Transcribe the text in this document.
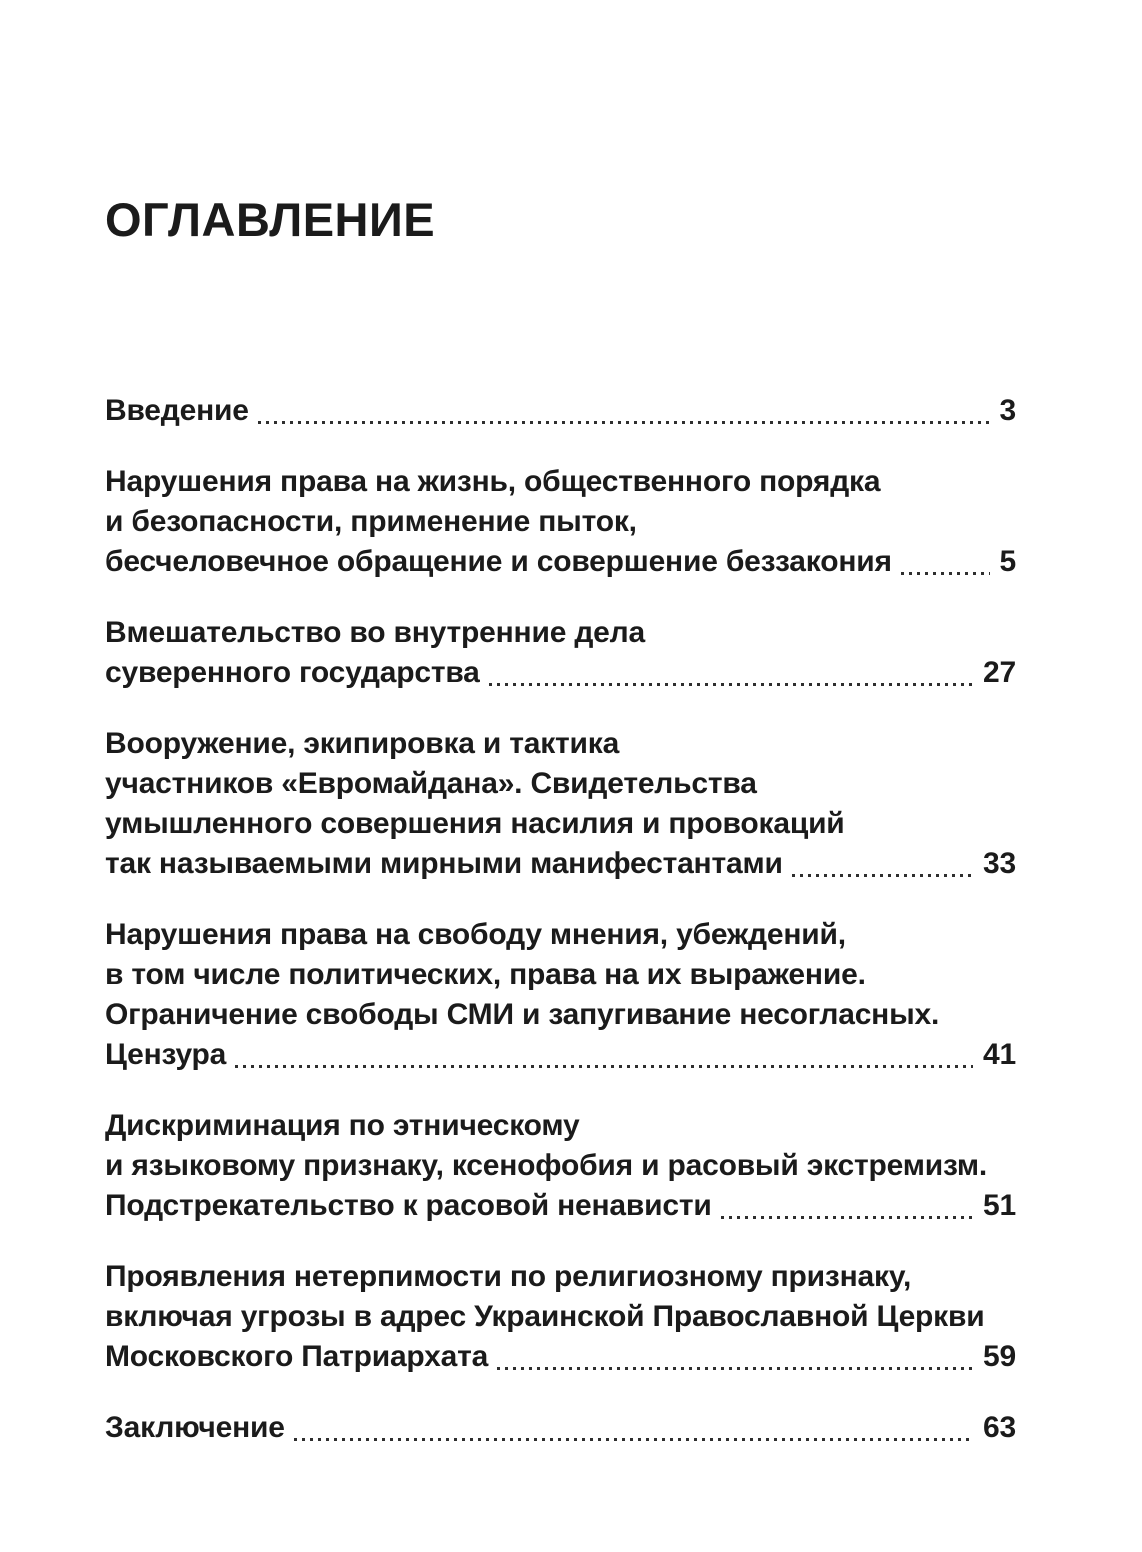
ОГЛАВЛЕНИЕ
Введение	3
Нарушения права на жизнь, общественного порядка
и безопасности, применение пыток,
бесчеловечное обращение и совершение беззакония	5
Вмешательство во внутренние дела
суверенного государства	27
Вооружение, экипировка и тактика
участников «Евромайдана». Свидетельства
умышленного совершения насилия и провокаций
так называемыми мирными манифестантами	33
Нарушения права на свободу мнения, убеждений,
в том числе политических, права на их выражение.
Ограничение свободы СМИ и запугивание несогласных.
Цензура	41
Дискриминация по этническому
и языковому признаку, ксенофобия и расовый экстремизм.
Подстрекательство к расовой ненависти	51
Проявления нетерпимости по религиозному признаку,
включая угрозы в адрес Украинской Православной Церкви
Московского Патриархата	59
Заключение	63
